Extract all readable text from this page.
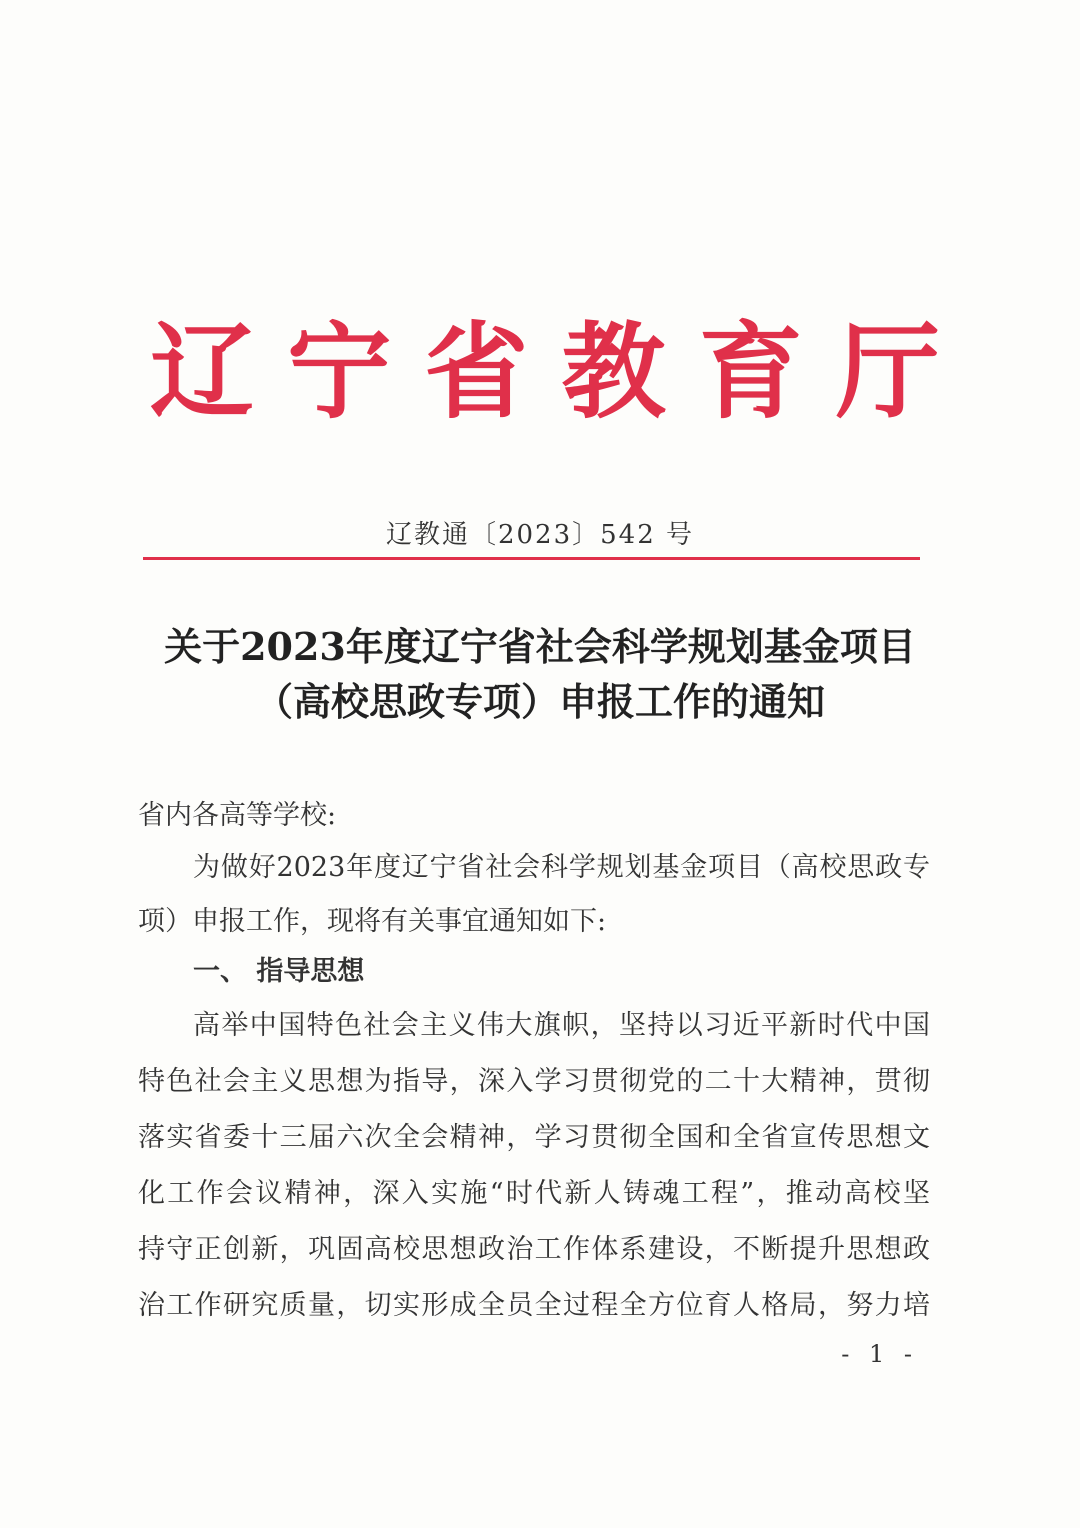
辽 宁 省 教 育 厅
辽教通〔2023〕542 号
关于2023年度辽宁省社会科学规划基金项目
（高校思政专项）申报工作的通知
省内各高等学校:
为做好2023年度辽宁省社会科学规划基金项目（高校思政专
项）申报工作，现将有关事宜通知如下:
一、 指导思想
高举中国特色社会主义伟大旗帜，坚持以习近平新时代中国
特色社会主义思想为指导，深入学习贯彻党的二十大精神，贯彻
落实省委十三届六次全会精神，学习贯彻全国和全省宣传思想文
化工作会议精神，深入实施“时代新人铸魂工程”，推动高校坚
持守正创新，巩固高校思想政治工作体系建设，不断提升思想政
治工作研究质量，切实形成全员全过程全方位育人格局，努力培
- 1 -
